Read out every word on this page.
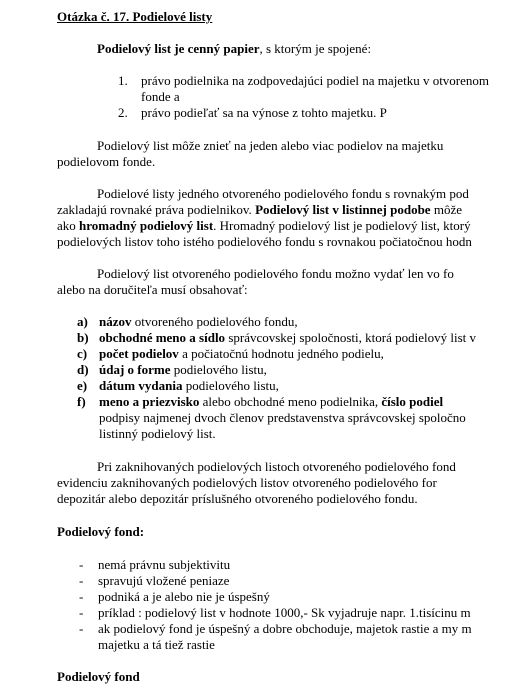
Otázka č. 17. Podielové listy
Podielový list je cenný papier, s ktorým je spojené:
1. právo podielnika na zodpovedajúci podiel na majetku v otvorenom
fonde a
2. právo podieľať sa na výnose z tohto majetku. P
Podielový list môže znieť na jeden alebo viac podielov na majetku
podielovom fonde.
Podielové listy jedného otvoreného podielového fondu s rovnakým pod
zakladajú rovnaké práva podielnikov. Podielový list v listinnej podobe môže
ako hromadný podielový list. Hromadný podielový list je podielový list, ktorý
podielových listov toho istého podielového fondu s rovnakou počiatočnou hodn
Podielový list otvoreného podielového fondu možno vydať len vo fo
alebo na doručiteľa musí obsahovať:
a) názov otvoreného podielového fondu,
b) obchodné meno a sídlo správcovskej spoločnosti, ktorá podielový list v
c) počet podielov a počiatočnú hodnotu jedného podielu,
d) údaj o forme podielového listu,
e) dátum vydania podielového listu,
f) meno a priezvisko alebo obchodné meno podielnika, číslo podiel
podpisy najmenej dvoch členov predstavenstva správcovskej spoločno
listinný podielový list.
Pri zaknihovaných podielových listoch otvoreného podielového fond
evidenciu zaknihovaných podielových listov otvoreného podielového for
depozitár alebo depozitár príslušného otvoreného podielového fondu.
Podielový fond:
- nemá právnu subjektivitu
- spravujú vložené peniaze
- podniká a je alebo nie je úspešný
- príklad : podielový list v hodnote 1000,- Sk vyjadruje napr. 1.tisícinu m
- ak podielový fond je úspešný a dobre obchoduje, majetok rastie a my m
majetku a tá tiež rastie
Podielový fond
